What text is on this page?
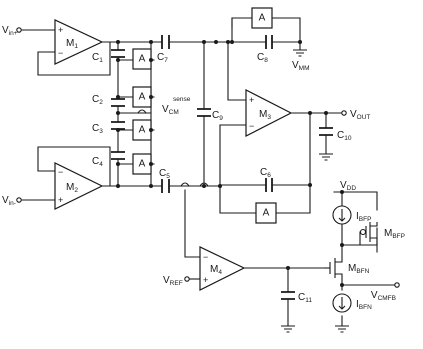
$M_1$
+
−
$M_2$
−
+
$M_3$
+
−
$M_4$
−
+
A
A
A
A
A
A
$C_1$
$C_2$
$C_3$
$C_4$
$C_5$	$C_6$
$C_7$	$C_8$
$C_9$
$C_{10}$
$C_{11}$
$M_{BFP}$
$M_{BFN}$
$I_{BFP}$
$I_{BFN}$
$V_{in+}$
$V_{in-}$
$V_{MM}$
$V_{OUT}$
$V_{CM}$
sense
$V_{DD}$
$V_{REF}$
$V_{CMFB}$
